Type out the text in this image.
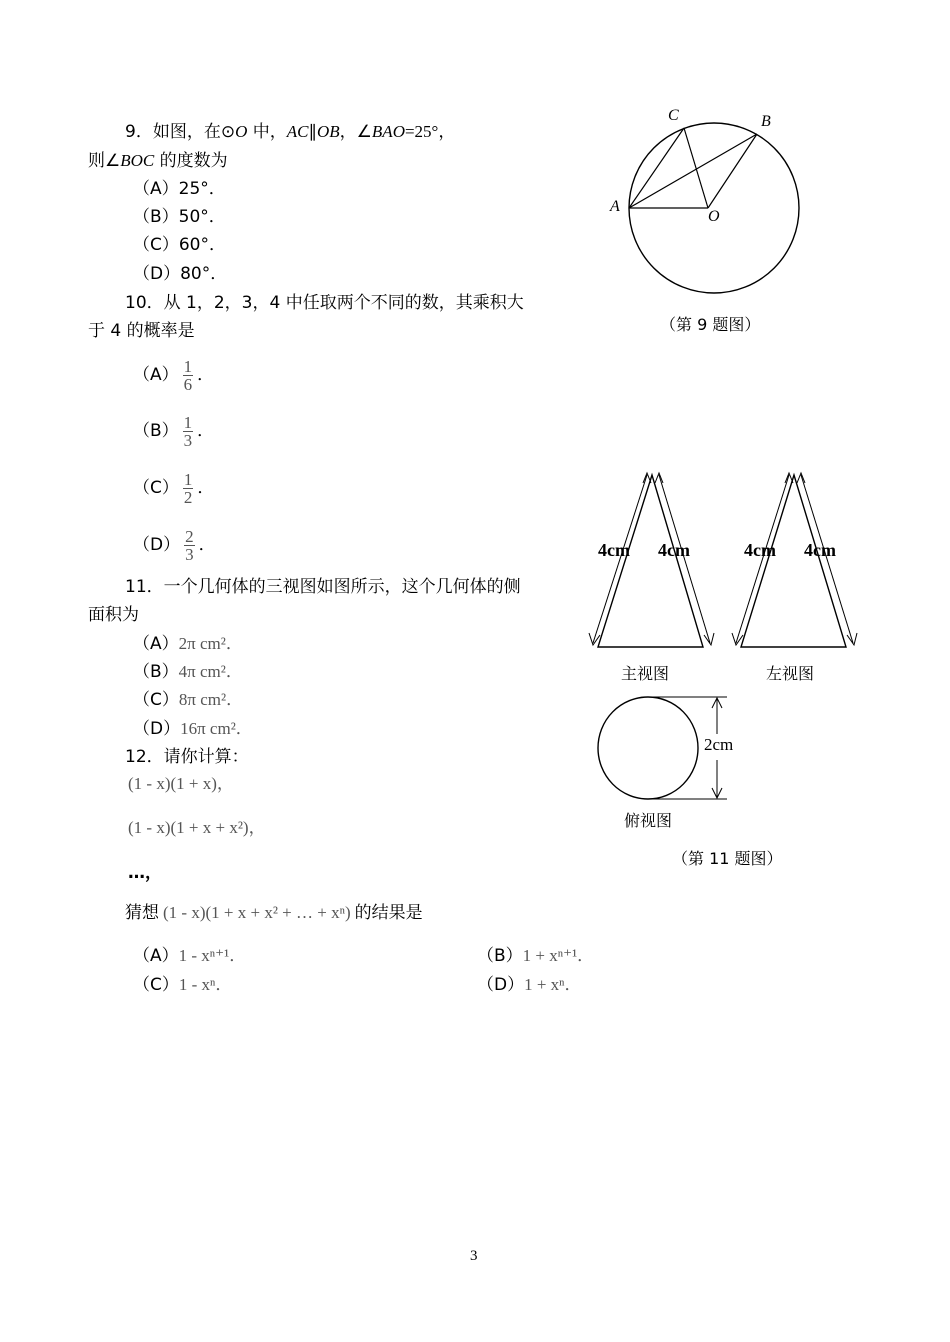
9．如图，在⊙O 中，AC∥OB，∠BAO=25°，
则∠BOC 的度数为
（A）25°．
（B）50°．
（C）60°．
（D）80°．
C	B
A
O
（第 9 题图）
10．从 1，2，3，4 中任取两个不同的数，其乘积大
于 4 的概率是
$(A) \frac{1}{6}$ ．
$(B) \frac{1}{3}$ ．
$(C) \frac{1}{2}$ ．
$(D) \frac{2}{3}$ ．
11．一个几何体的三视图如图所示，这个几何体的侧
面积为
（A）2π cm²．
（B）4π cm²．
（C）8π cm²．
（D）16π cm²．
4cm 4cm
主视图
4cm 4cm
左视图
2cm
俯视图
（第 11 题图）
12．请你计算：
(1 - x)(1 + x)，
(1 - x)(1 + x + x²)，
…，
猜想 (1 - x)(1 + x + x² + … + xⁿ) 的结果是
（A）1 - xⁿ⁺¹．	（B）1 + xⁿ⁺¹．
（C）1 - xⁿ．	（D）1 + xⁿ．
3
